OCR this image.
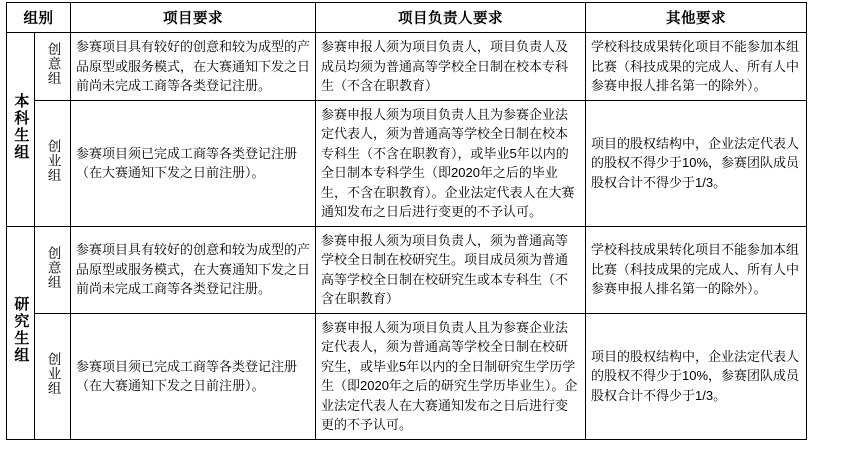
组别		项目要求	项目负责人要求	其他要求
本科生组	创意组	参赛项目具有较好的创意和较为成型的产品原型或服务模式，在大赛通知下发之日前尚未完成工商等各类登记注册。	参赛申报人须为项目负责人，项目负责人及成员均须为普通高等学校全日制在校本专科生（不含在职教育）	学校科技成果转化项目不能参加本组比赛（科技成果的完成人、所有人中参赛申报人排名第一的除外）。
	创业组	参赛项目须已完成工商等各类登记注册（在大赛通知下发之日前注册）。	参赛申报人须为项目负责人且为参赛企业法定代表人，须为普通高等学校全日制在校本专科生（不含在职教育），或毕业5年以内的全日制本专科学生（即2020年之后的毕业生，不含在职教育）。企业法定代表人在大赛通知发布之日后进行变更的不予认可。	项目的股权结构中，企业法定代表人的股权不得少于10%，参赛团队成员股权合计不得少于1/3。
研究生组	创意组	参赛项目具有较好的创意和较为成型的产品原型或服务模式，在大赛通知下发之日前尚未完成工商等各类登记注册。	参赛申报人须为项目负责人，须为普通高等学校全日制在校研究生。项目成员须为普通高等学校全日制在校研究生或本专科生（不含在职教育）	学校科技成果转化项目不能参加本组比赛（科技成果的完成人、所有人中参赛申报人排名第一的除外）。
	创业组	参赛项目须已完成工商等各类登记注册（在大赛通知下发之日前注册）。	参赛申报人须为项目负责人且为参赛企业法定代表人，须为普通高等学校全日制在校研究生，或毕业5年以内的全日制研究生学历学生（即2020年之后的研究生学历毕业生）。企业法定代表人在大赛通知发布之日后进行变更的不予认可。	项目的股权结构中，企业法定代表人的股权不得少于10%，参赛团队成员股权合计不得少于1/3。
